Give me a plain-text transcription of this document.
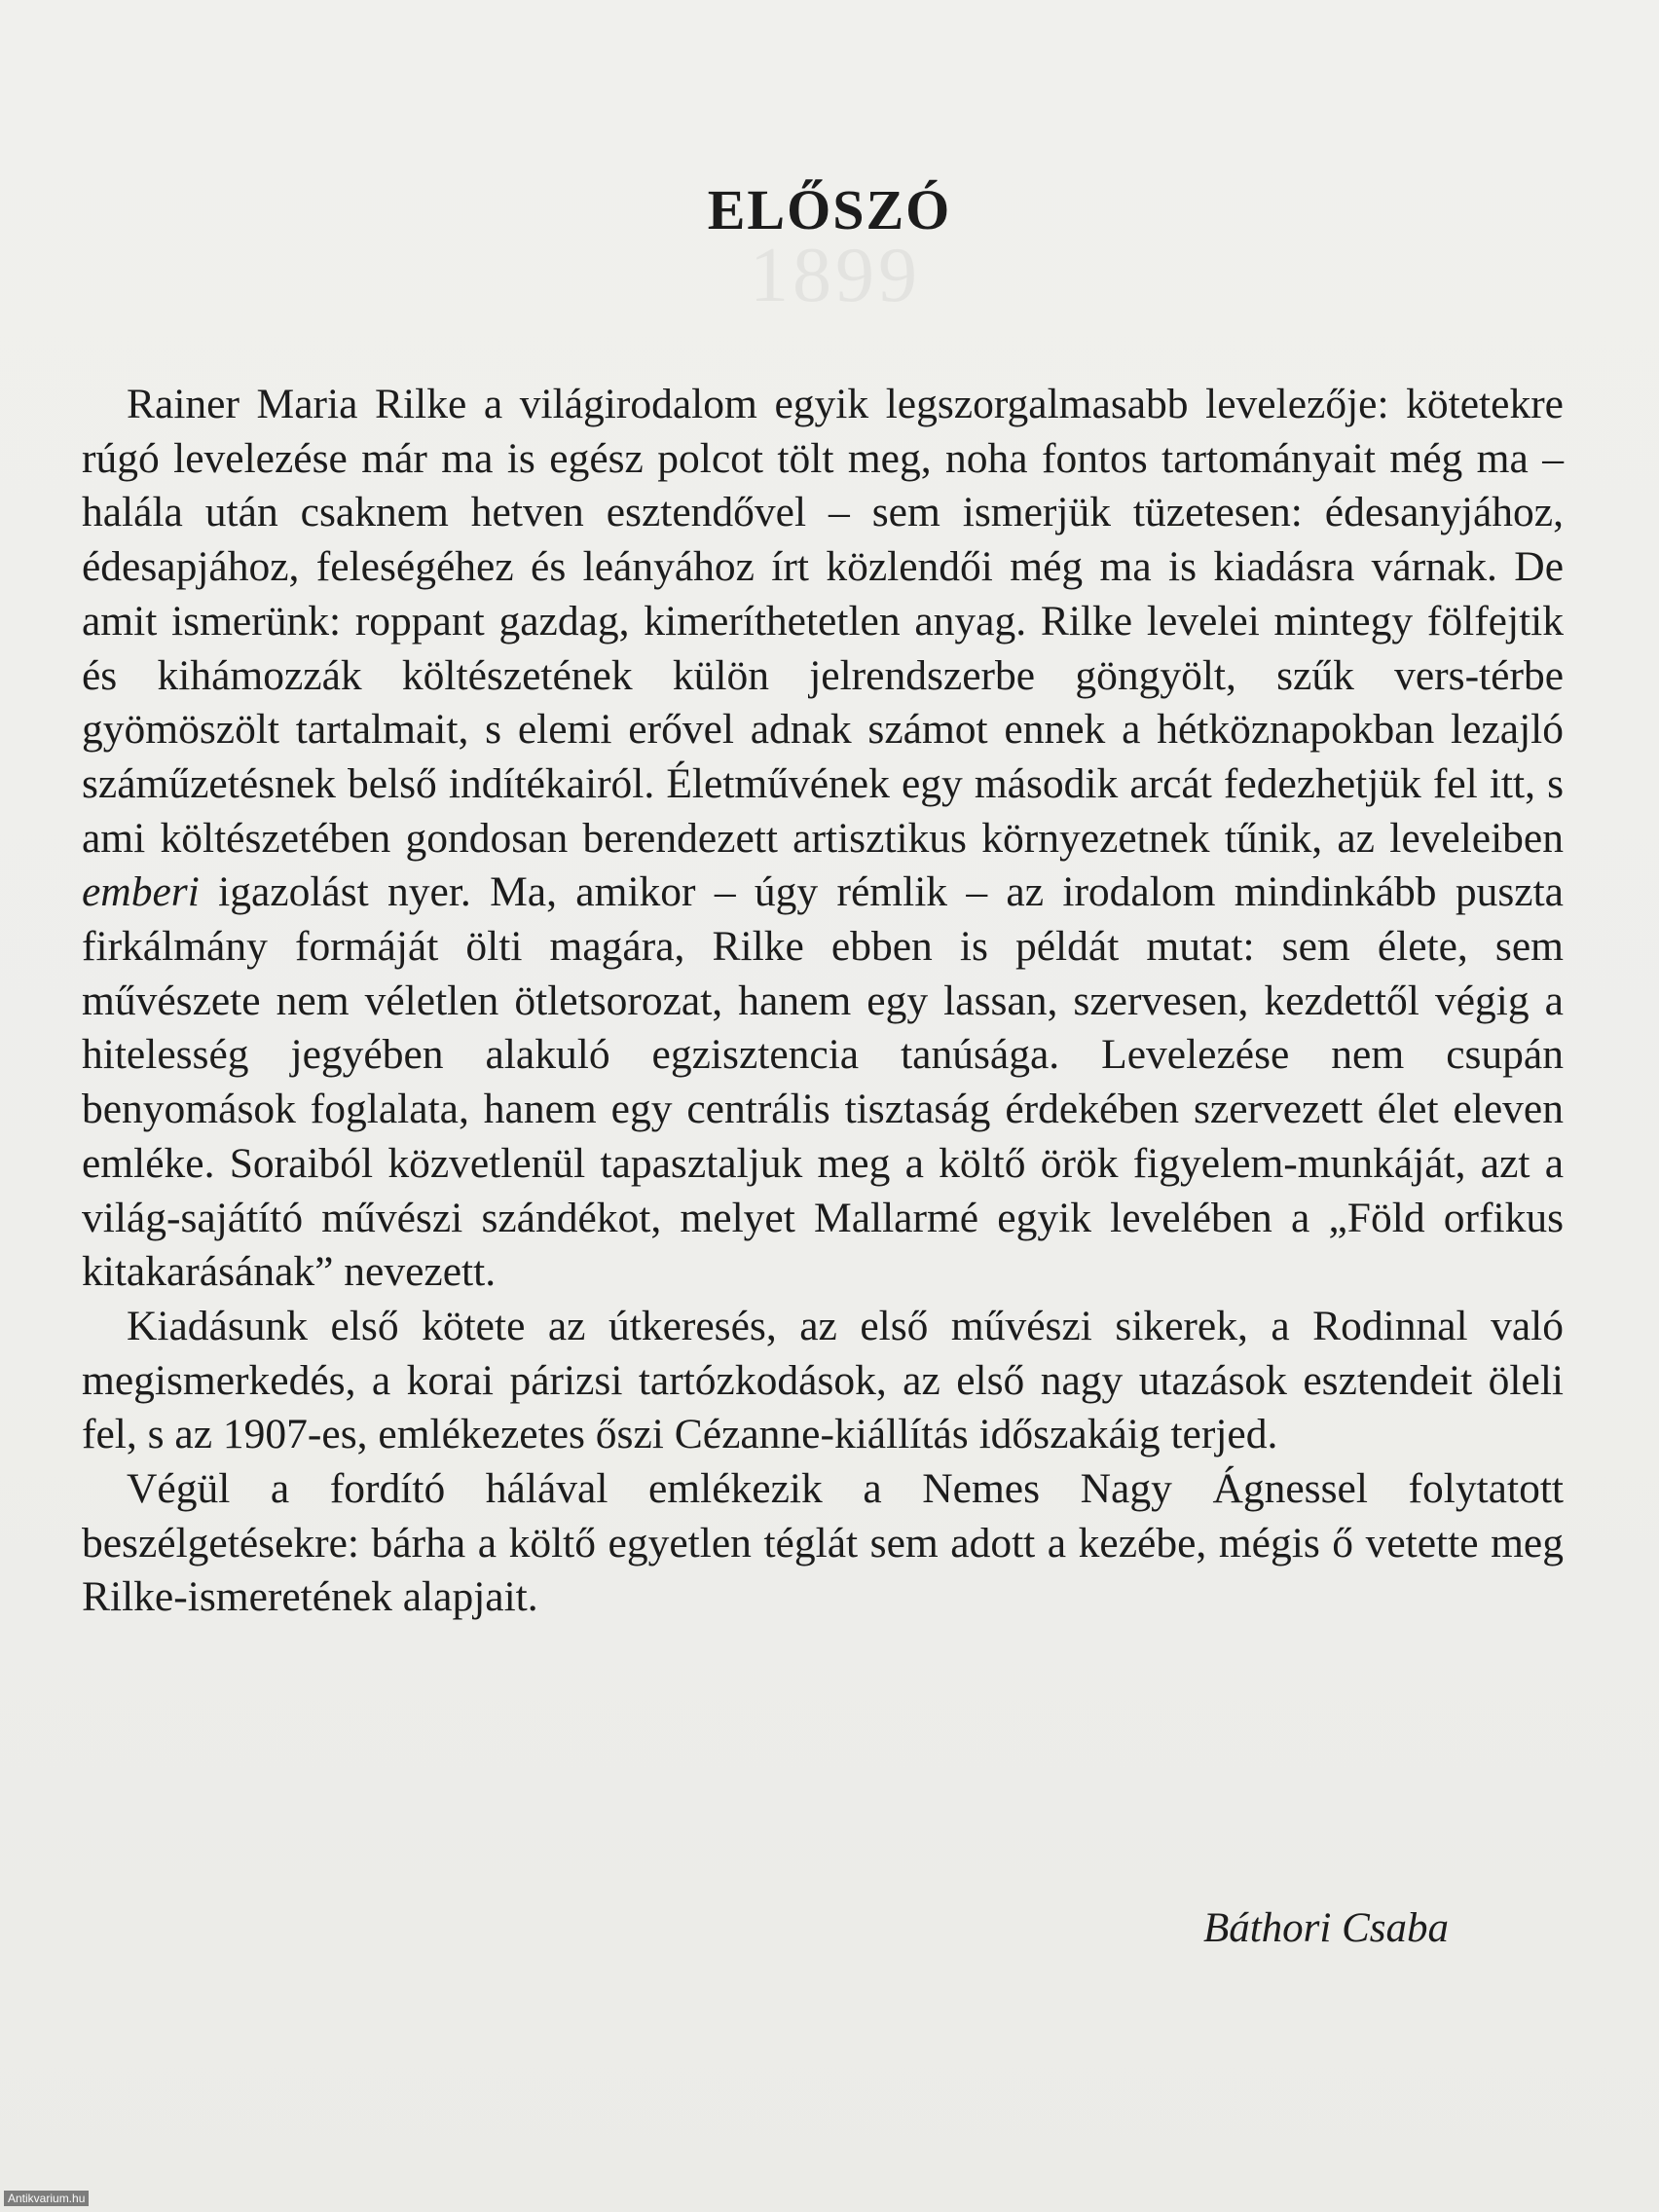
1899
ELŐSZÓ

Rainer Maria Rilke a világirodalom egyik legszorgalmasabb levelezője: kötetekre rúgó levelezése már ma is egész polcot tölt meg, noha fontos tartományait még ma – halála után csaknem hetven esztendővel – sem ismerjük tüzetesen: édesanyjához, édesapjához, feleségéhez és leányához írt közlendői még ma is kiadásra várnak. De amit ismerünk: roppant gazdag, kimeríthetetlen anyag. Rilke levelei mintegy fölfejtik és kihámozzák költészetének külön jelrendszerbe göngyölt, szűk vers-térbe gyömöszölt tartalmait, s elemi erővel adnak számot ennek a hétköznapokban lezajló száműzetésnek belső indítékairól. Életművének egy második arcát fedezhetjük fel itt, s ami költészetében gondosan berendezett artisztikus környezetnek tűnik, az leveleiben emberi igazolást nyer. Ma, amikor – úgy rémlik – az irodalom mindinkább puszta firkálmány formáját ölti magára, Rilke ebben is példát mutat: sem élete, sem művészete nem véletlen ötletsorozat, hanem egy lassan, szervesen, kezdettől végig a hitelesség jegyében alakuló egzisztencia tanúsága. Levelezése nem csupán benyomások foglalata, hanem egy centrális tisztaság érdekében szervezett élet eleven emléke. Soraiból közvetlenül tapasztaljuk meg a költő örök figyelem-munkáját, azt a világ-sajátító művészi szándékot, melyet Mallarmé egyik levelében a „Föld orfikus kitakarásának” nevezett.

Kiadásunk első kötete az útkeresés, az első művészi sikerek, a Rodinnal való megismerkedés, a korai párizsi tartózkodások, az első nagy utazások esztendeit öleli fel, s az 1907-es, emlékezetes őszi Cézanne-kiállítás időszakáig terjed.

Végül a fordító hálával emlékezik a Nemes Nagy Ágnessel folytatott beszélgetésekre: bárha a költő egyetlen téglát sem adott a kezébe, mégis ő vetette meg Rilke-ismeretének alapjait.

Báthori Csaba

Antikvarium.hu
